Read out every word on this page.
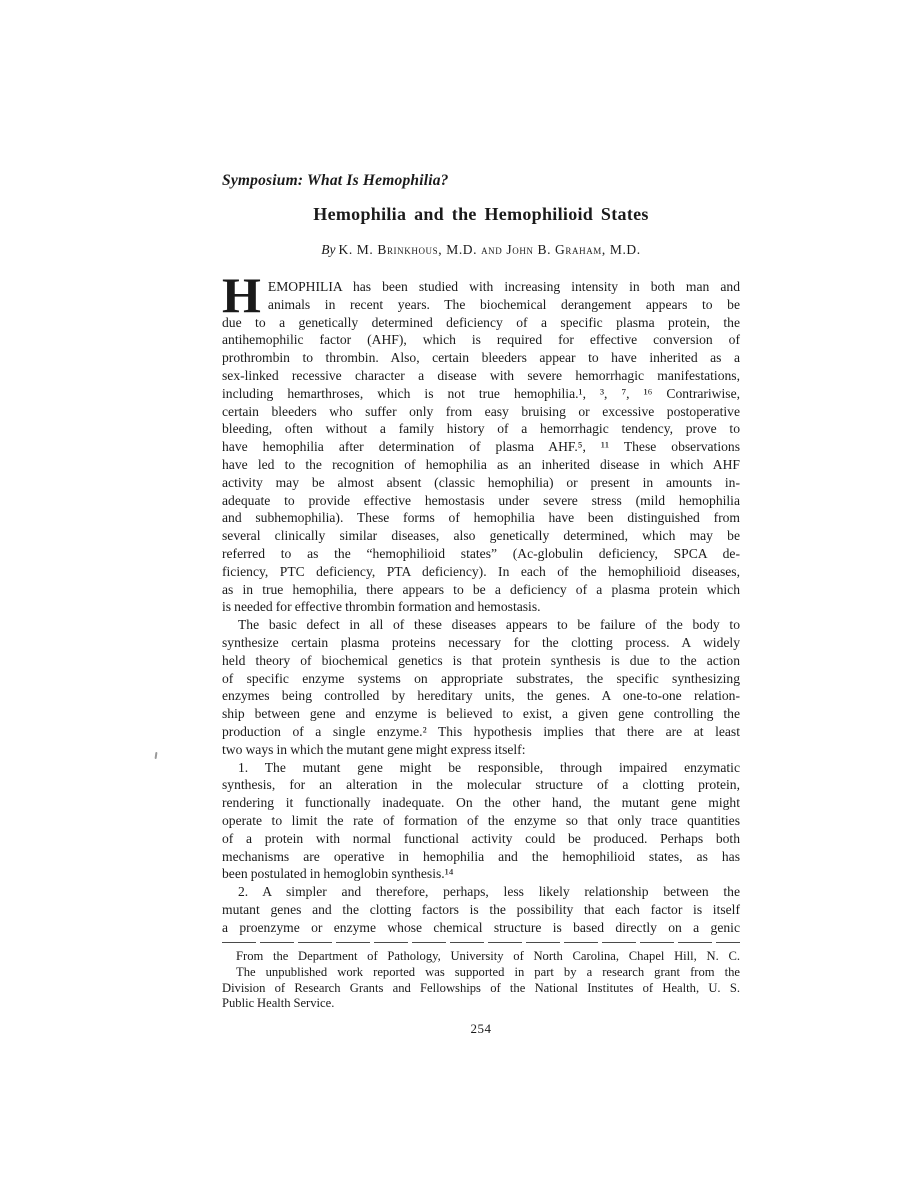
Symposium: What Is Hemophilia?
Hemophilia and the Hemophilioid States
By K. M. Brinkhous, M.D. and John B. Graham, M.D.
H EMOPHILIA has been studied with increasing intensity in both man and
animals in recent years. The biochemical derangement appears to be
due to a genetically determined deficiency of a specific plasma protein, the
antihemophilic factor (AHF), which is required for effective conversion of
prothrombin to thrombin. Also, certain bleeders appear to have inherited as a
sex-linked recessive character a disease with severe hemorrhagic manifestations,
including hemarthroses, which is not true hemophilia.¹, ³, ⁷, ¹⁶ Contrariwise,
certain bleeders who suffer only from easy bruising or excessive postoperative
bleeding, often without a family history of a hemorrhagic tendency, prove to
have hemophilia after determination of plasma AHF.⁵, ¹¹ These observations
have led to the recognition of hemophilia as an inherited disease in which AHF
activity may be almost absent (classic hemophilia) or present in amounts in-
adequate to provide effective hemostasis under severe stress (mild hemophilia
and subhemophilia). These forms of hemophilia have been distinguished from
several clinically similar diseases, also genetically determined, which may be
referred to as the “hemophilioid states” (Ac-globulin deficiency, SPCA de-
ficiency, PTC deficiency, PTA deficiency). In each of the hemophilioid diseases,
as in true hemophilia, there appears to be a deficiency of a plasma protein which
is needed for effective thrombin formation and hemostasis.
The basic defect in all of these diseases appears to be failure of the body to
synthesize certain plasma proteins necessary for the clotting process. A widely
held theory of biochemical genetics is that protein synthesis is due to the action
of specific enzyme systems on appropriate substrates, the specific synthesizing
enzymes being controlled by hereditary units, the genes. A one-to-one relation-
ship between gene and enzyme is believed to exist, a given gene controlling the
production of a single enzyme.² This hypothesis implies that there are at least
two ways in which the mutant gene might express itself:
1. The mutant gene might be responsible, through impaired enzymatic
synthesis, for an alteration in the molecular structure of a clotting protein,
rendering it functionally inadequate. On the other hand, the mutant gene might
operate to limit the rate of formation of the enzyme so that only trace quantities
of a protein with normal functional activity could be produced. Perhaps both
mechanisms are operative in hemophilia and the hemophilioid states, as has
been postulated in hemoglobin synthesis.¹⁴
2. A simpler and therefore, perhaps, less likely relationship between the
mutant genes and the clotting factors is the possibility that each factor is itself
a proenzyme or enzyme whose chemical structure is based directly on a genic
From the Department of Pathology, University of North Carolina, Chapel Hill, N. C.
The unpublished work reported was supported in part by a research grant from the
Division of Research Grants and Fellowships of the National Institutes of Health, U. S.
Public Health Service.
254
